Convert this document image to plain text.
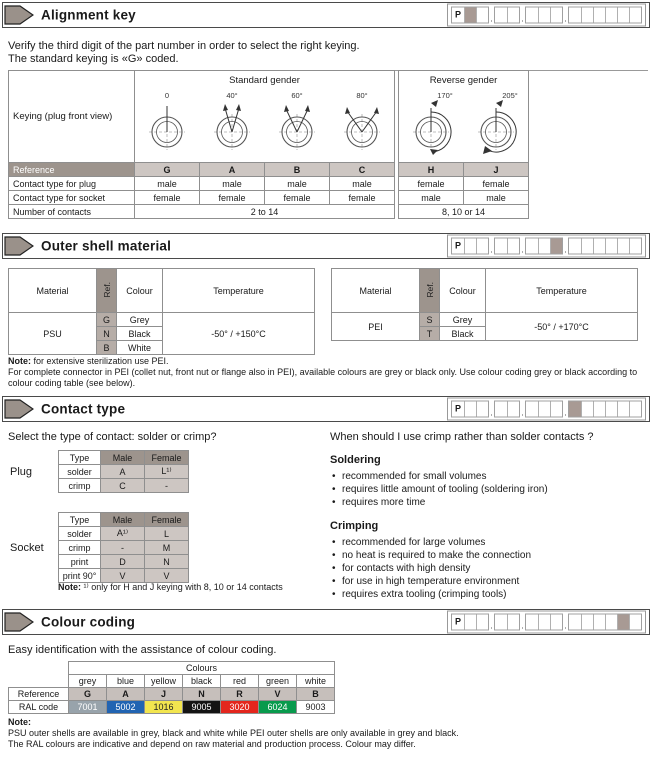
Alignment key	P
.
.
.
Verify the third digit of the part number in order to select the right keying.
The standard keying is «G» coded.
Keying (plug front view)	
Standard gender
0	40°	60°	80°

Reverse gender
170°	205°

Reference	G	A	B	C		H	J
Contact type for plug	male	male	male	male		female	female
Contact type for socket	female	female	female	female		male	male
Number of contacts	2 to 14					8, 10 or 14	
Outer shell material	P
.
.
.
Material	Ref.	Colour	Temperature
PSU	G	Grey	-50° / +150°C
	N	Black	
	B	White	
Material	Ref.	Colour	Temperature
PEI	S	Grey	-50° / +170°C
	T	Black	
Note: for extensive sterilization use PEI.
For complete connector in PEI (collet nut, front nut or flange also in PEI), available colours are grey or black only. Use colour coding grey or black according to colour coding table (see below).
Contact type	P
.
.
.
Select the type of contact: solder or crimp?
Plug
Type	Male	Female
solder	A	L¹⁾
crimp	C	-
Socket
Type	Male	Female
solder	A¹⁾	L
crimp	-	M
print	D	N
print 90°	V	V
Note: ¹⁾ only for H and J keying with 8, 10 or 14 contacts
When should I use crimp rather than solder contacts ?
Soldering
• recommended for small volumes
• requires little amount of tooling (soldering iron)
• requires more time
Crimping
• recommended for large volumes
• no heat is required to make the connection
• for contacts with high density
• for use in high temperature environment
• requires extra tooling (crimping tools)
Colour coding	P
.
.
.
Easy identification with the assistance of colour coding.
	Colours						
	grey	blue	yellow	black	red	green	white
Reference	G	A	J	N	R	V	B
RAL code	7001	5002	1016	9005	3020	6024	9003
Note:
PSU outer shells are available in grey, black and white while PEI outer shells are only available in grey and black.
The RAL colours are indicative and depend on raw material and production process. Colour may differ.
